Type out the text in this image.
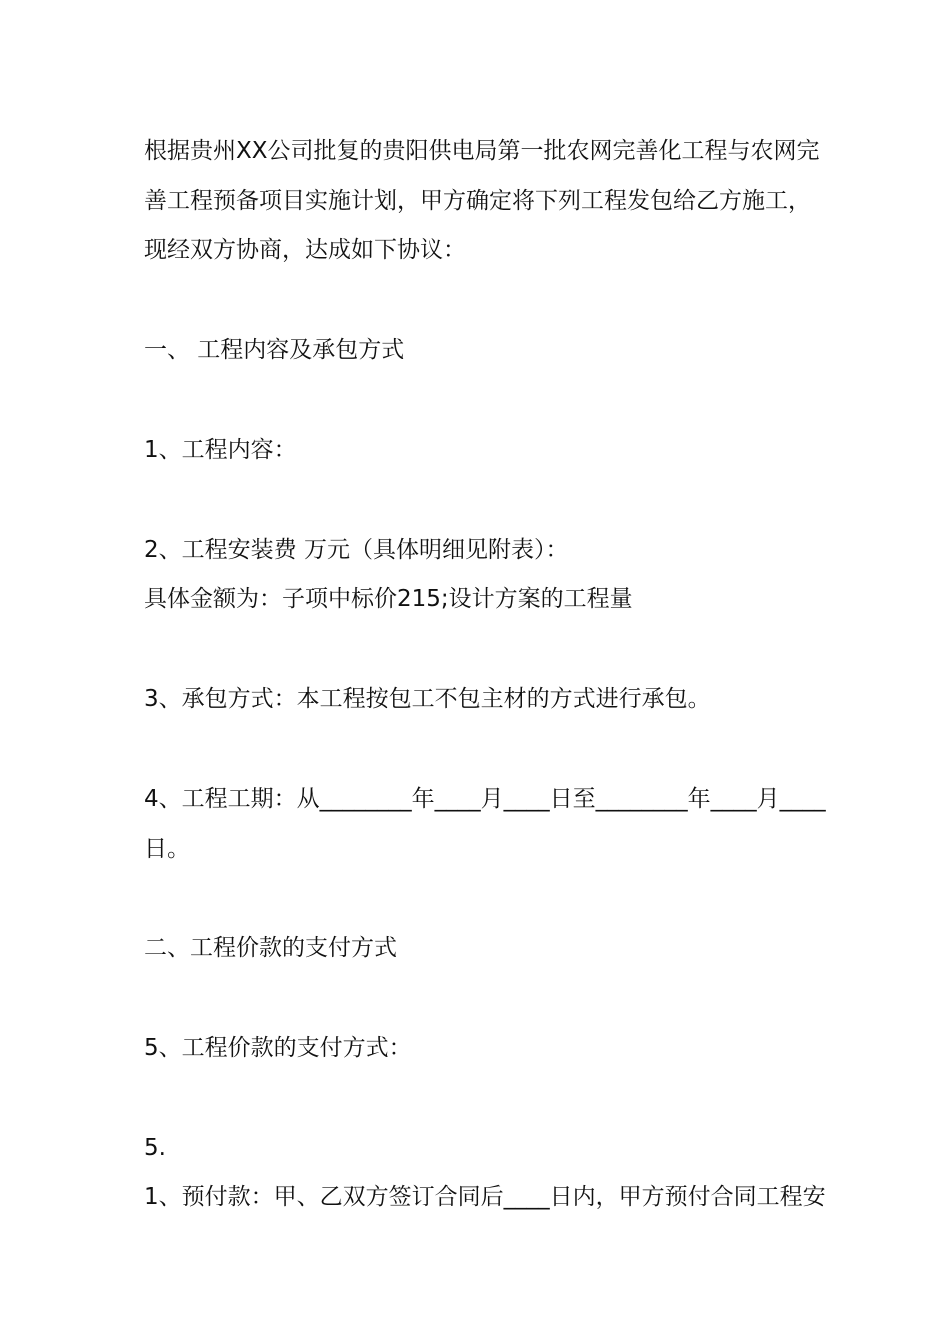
根据贵州XX公司批复的贵阳供电局第一批农网完善化工程与农网完
善工程预备项目实施计划，甲方确定将下列工程发包给乙方施工，
现经双方协商，达成如下协议：
一、 工程内容及承包方式
1、工程内容：
2、工程安装费 万元（具体明细见附表）：
具体金额为：子项中标价215;设计方案的工程量
3、承包方式：本工程按包工不包主材的方式进行承包。
4、工程工期：从________年____月____日至________年____月____
日。
二、工程价款的支付方式
5、工程价款的支付方式：
5.
1、预付款：甲、乙双方签订合同后____日内，甲方预付合同工程安
